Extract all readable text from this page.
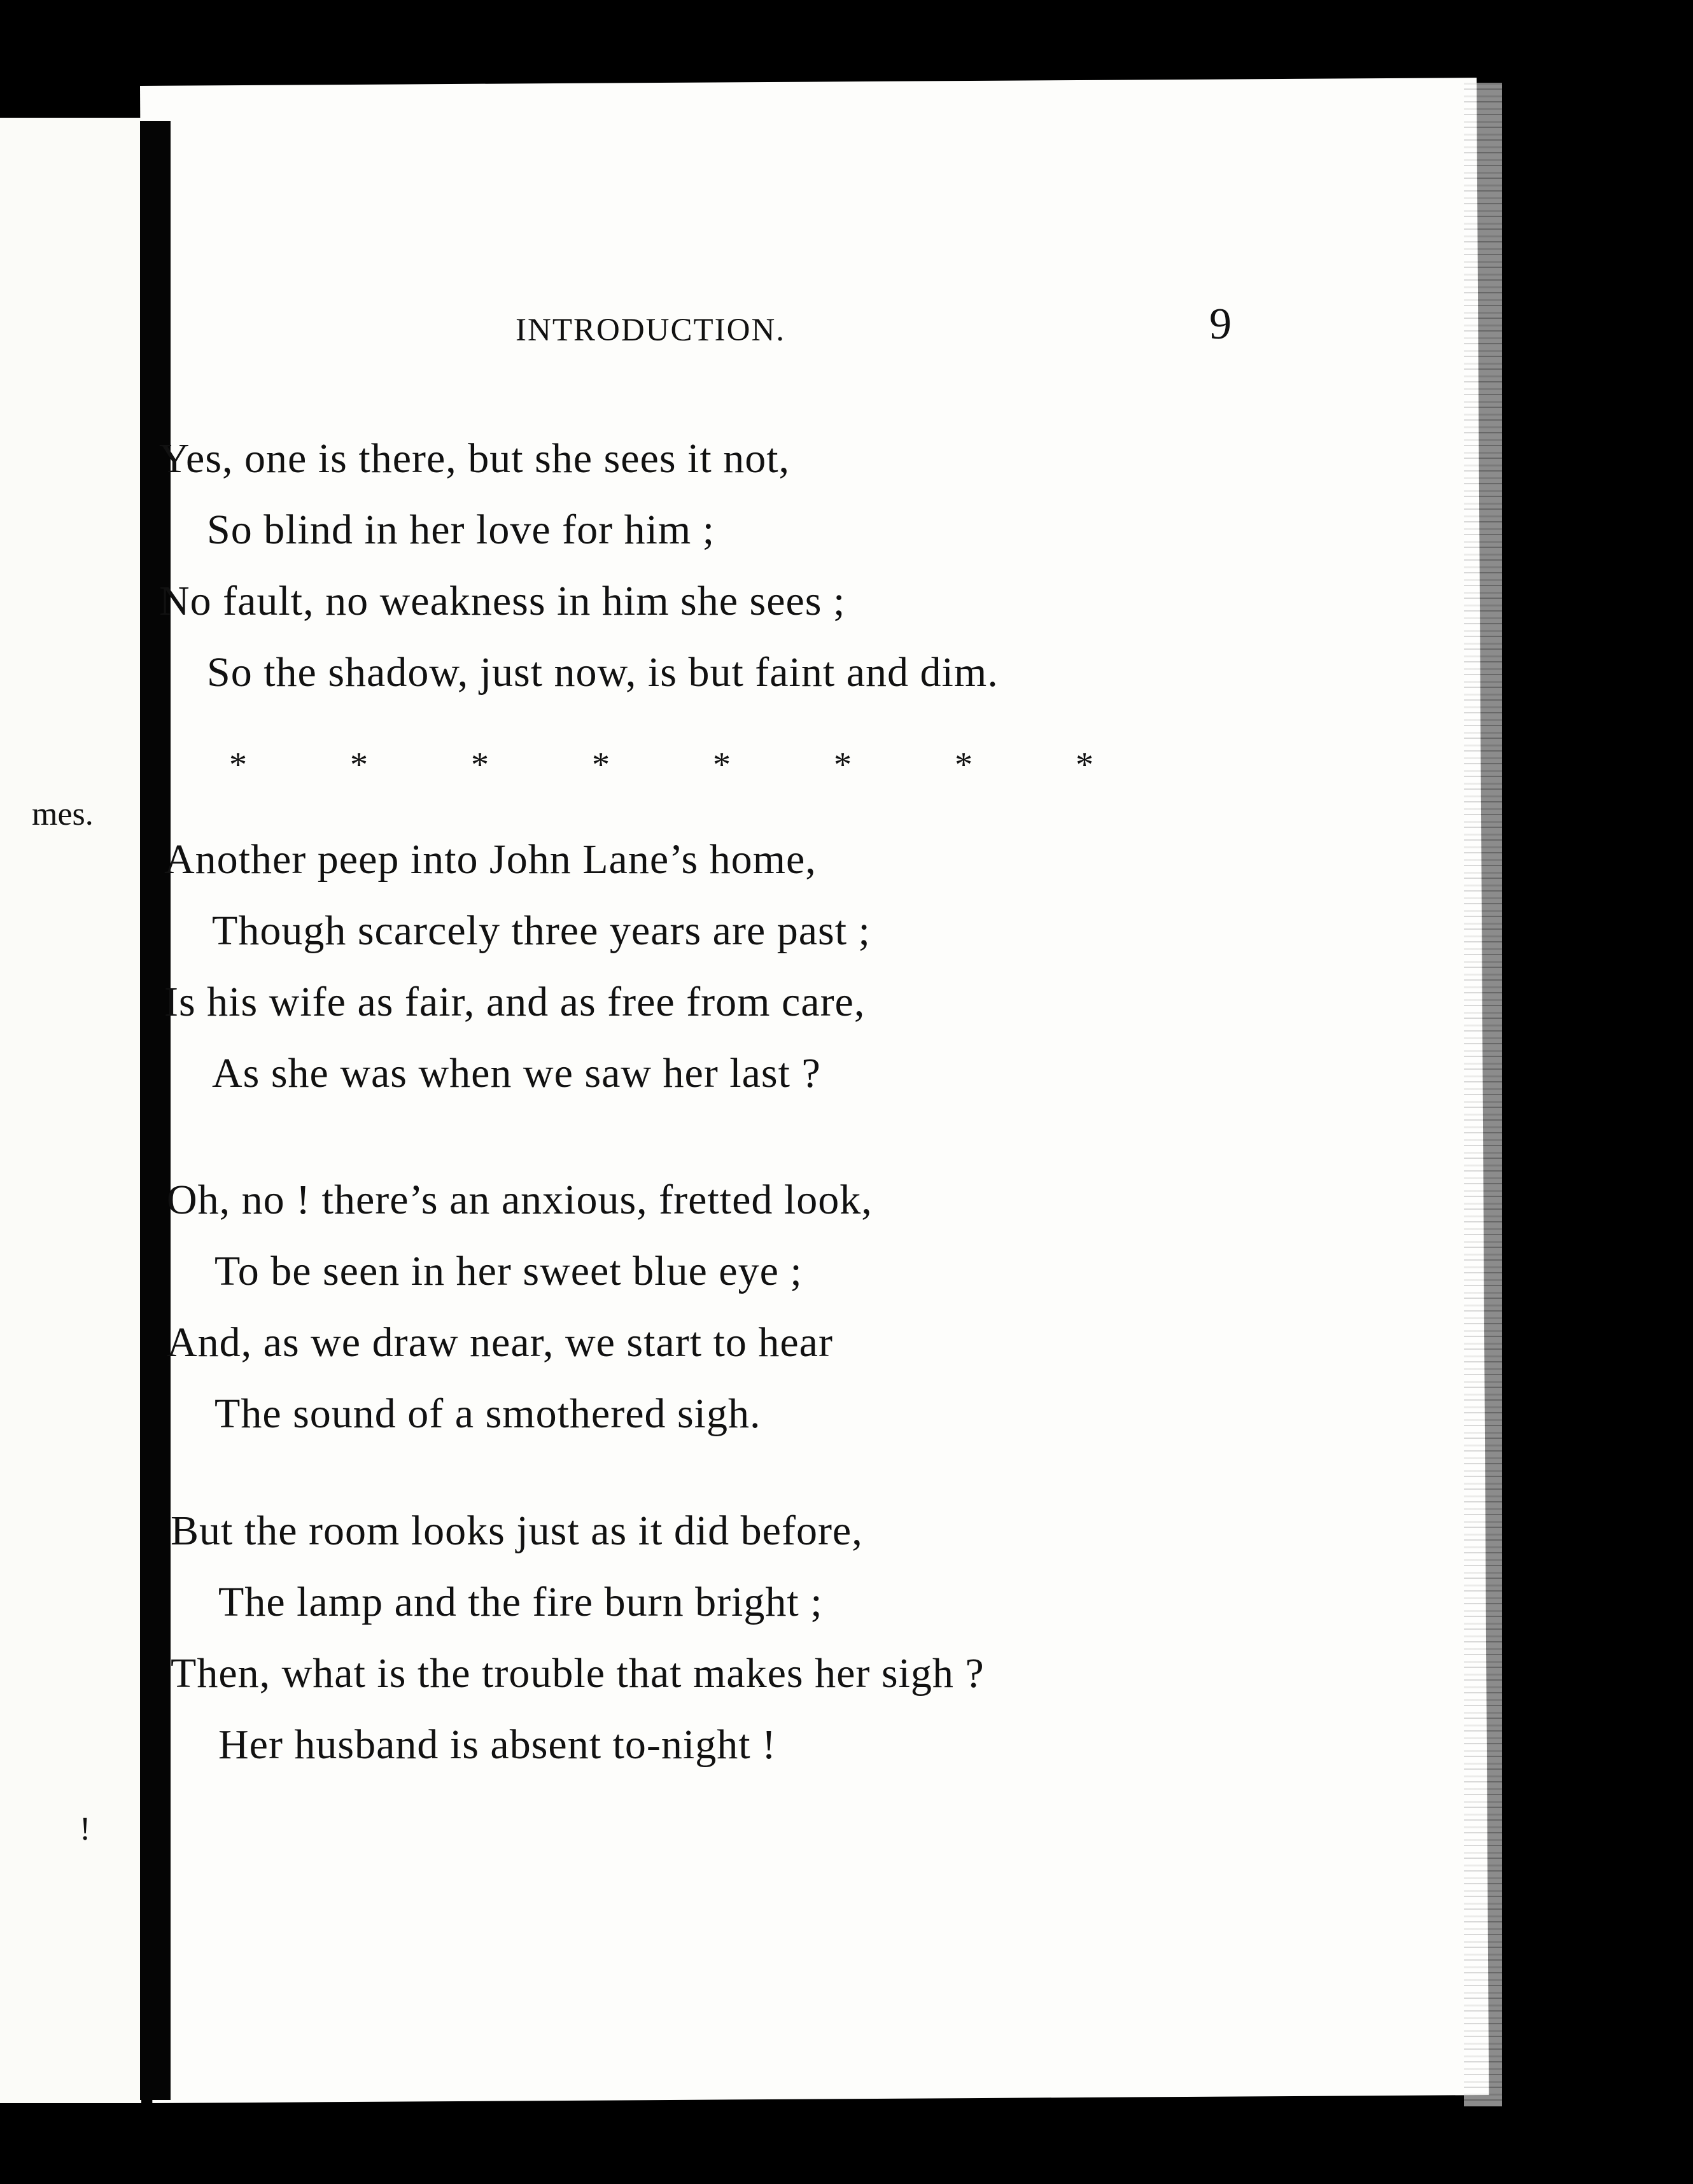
mes.
!
INTRODUCTION.	9
Yes, one is there, but she sees it not,
So blind in her love for him ;
No fault, no weakness in him she sees ;
So the shadow, just now, is but faint and dim.
*	*	*	*	*	*	*	*
Another peep into John Lane’s home,
Though scarcely three years are past ;
Is his wife as fair, and as free from care,
As she was when we saw her last ?
Oh, no ! there’s an anxious, fretted look,
To be seen in her sweet blue eye ;
And, as we draw near, we start to hear
The sound of a smothered sigh.
But the room looks just as it did before,
The lamp and the fire burn bright ;
Then, what is the trouble that makes her sigh ?
Her husband is absent to-night !
